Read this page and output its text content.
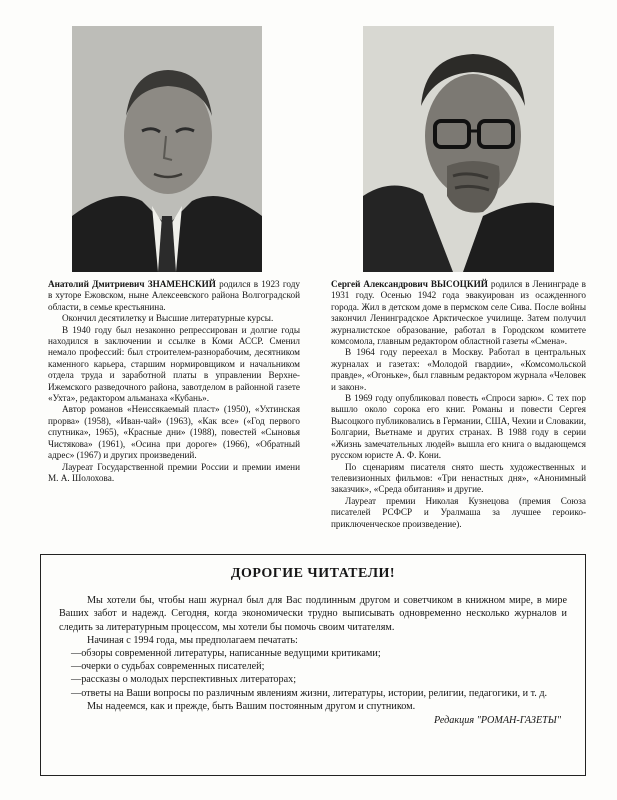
Анатолий Дмитриевич ЗНАМЕНСКИЙ родился в 1923 году в хуторе Ежовском, ныне Алексеевского района Волгоградской области, в семье крестьянина.

Окончил десятилетку и Высшие литературные курсы.

В 1940 году был незаконно репрессирован и долгие годы находился в заключении и ссылке в Коми АССР. Сменил немало профессий: был строителем-разнорабочим, десятником каменного карьера, старшим нормировщиком и начальником отдела труда и заработной платы в управлении Верхне-Ижемского разведочного района, завотделом в районной газете «Ухта», редактором альманаха «Кубань».

Автор романов «Неиссякаемый пласт» (1950), «Ухтинская прорва» (1958), «Иван-чай» (1963), «Как все» («Год первого спутника», 1965), «Красные дни» (1988), повестей «Сыновья Чистякова» (1961), «Осина при дороге» (1966), «Обратный адрес» (1967) и других произведений.

Лауреат Государственной премии России и премии имени М. А. Шолохова.

Сергей Александрович ВЫСОЦКИЙ родился в Ленинграде в 1931 году. Осенью 1942 года эвакуирован из осажденного города. Жил в детском доме в пермском селе Сива. После войны закончил Ленинградское Арктическое училище. Затем получил журналистское образование, работал в Городском комитете комсомола, главным редактором областной газеты «Смена».

В 1964 году переехал в Москву. Работал в центральных журналах и газетах: «Молодой гвардии», «Комсомольской правде», «Огоньке», был главным редактором журнала «Человек и закон».

В 1969 году опубликовал повесть «Спроси зарю». С тех пор вышло около сорока его книг. Романы и повести Сергея Высоцкого публиковались в Германии, США, Чехии и Словакии, Болгарии, Вьетнаме и других странах. В 1988 году в серии «Жизнь замечательных людей» вышла его книга о выдающемся русском юристе А. Ф. Кони.

По сценариям писателя снято шесть художественных и телевизионных фильмов: «Три ненастных дня», «Анонимный заказчик», «Среда обитания» и другие.

Лауреат премии Николая Кузнецова (премия Союза писателей РСФСР и Уралмаша за лучшее героико-приключенческое произведение).

ДОРОГИЕ ЧИТАТЕЛИ!

Мы хотели бы, чтобы наш журнал был для Вас подлинным другом и советчиком в книжном мире, в мире Ваших забот и надежд. Сегодня, когда экономически трудно выписывать одновременно несколько журналов и следить за литературным процессом, мы хотели бы помочь своим читателям.

Начиная с 1994 года, мы предполагаем печатать:

—обзоры современной литературы, написанные ведущими критиками;

—очерки о судьбах современных писателей;

—рассказы о молодых перспективных литераторах;

—ответы на Ваши вопросы по различным явлениям жизни, литературы, истории, религии, педагогики, и т. д.

Мы надеемся, как и прежде, быть Вашим постоянным другом и спутником.

Редакция "РОМАН-ГАЗЕТЫ"
